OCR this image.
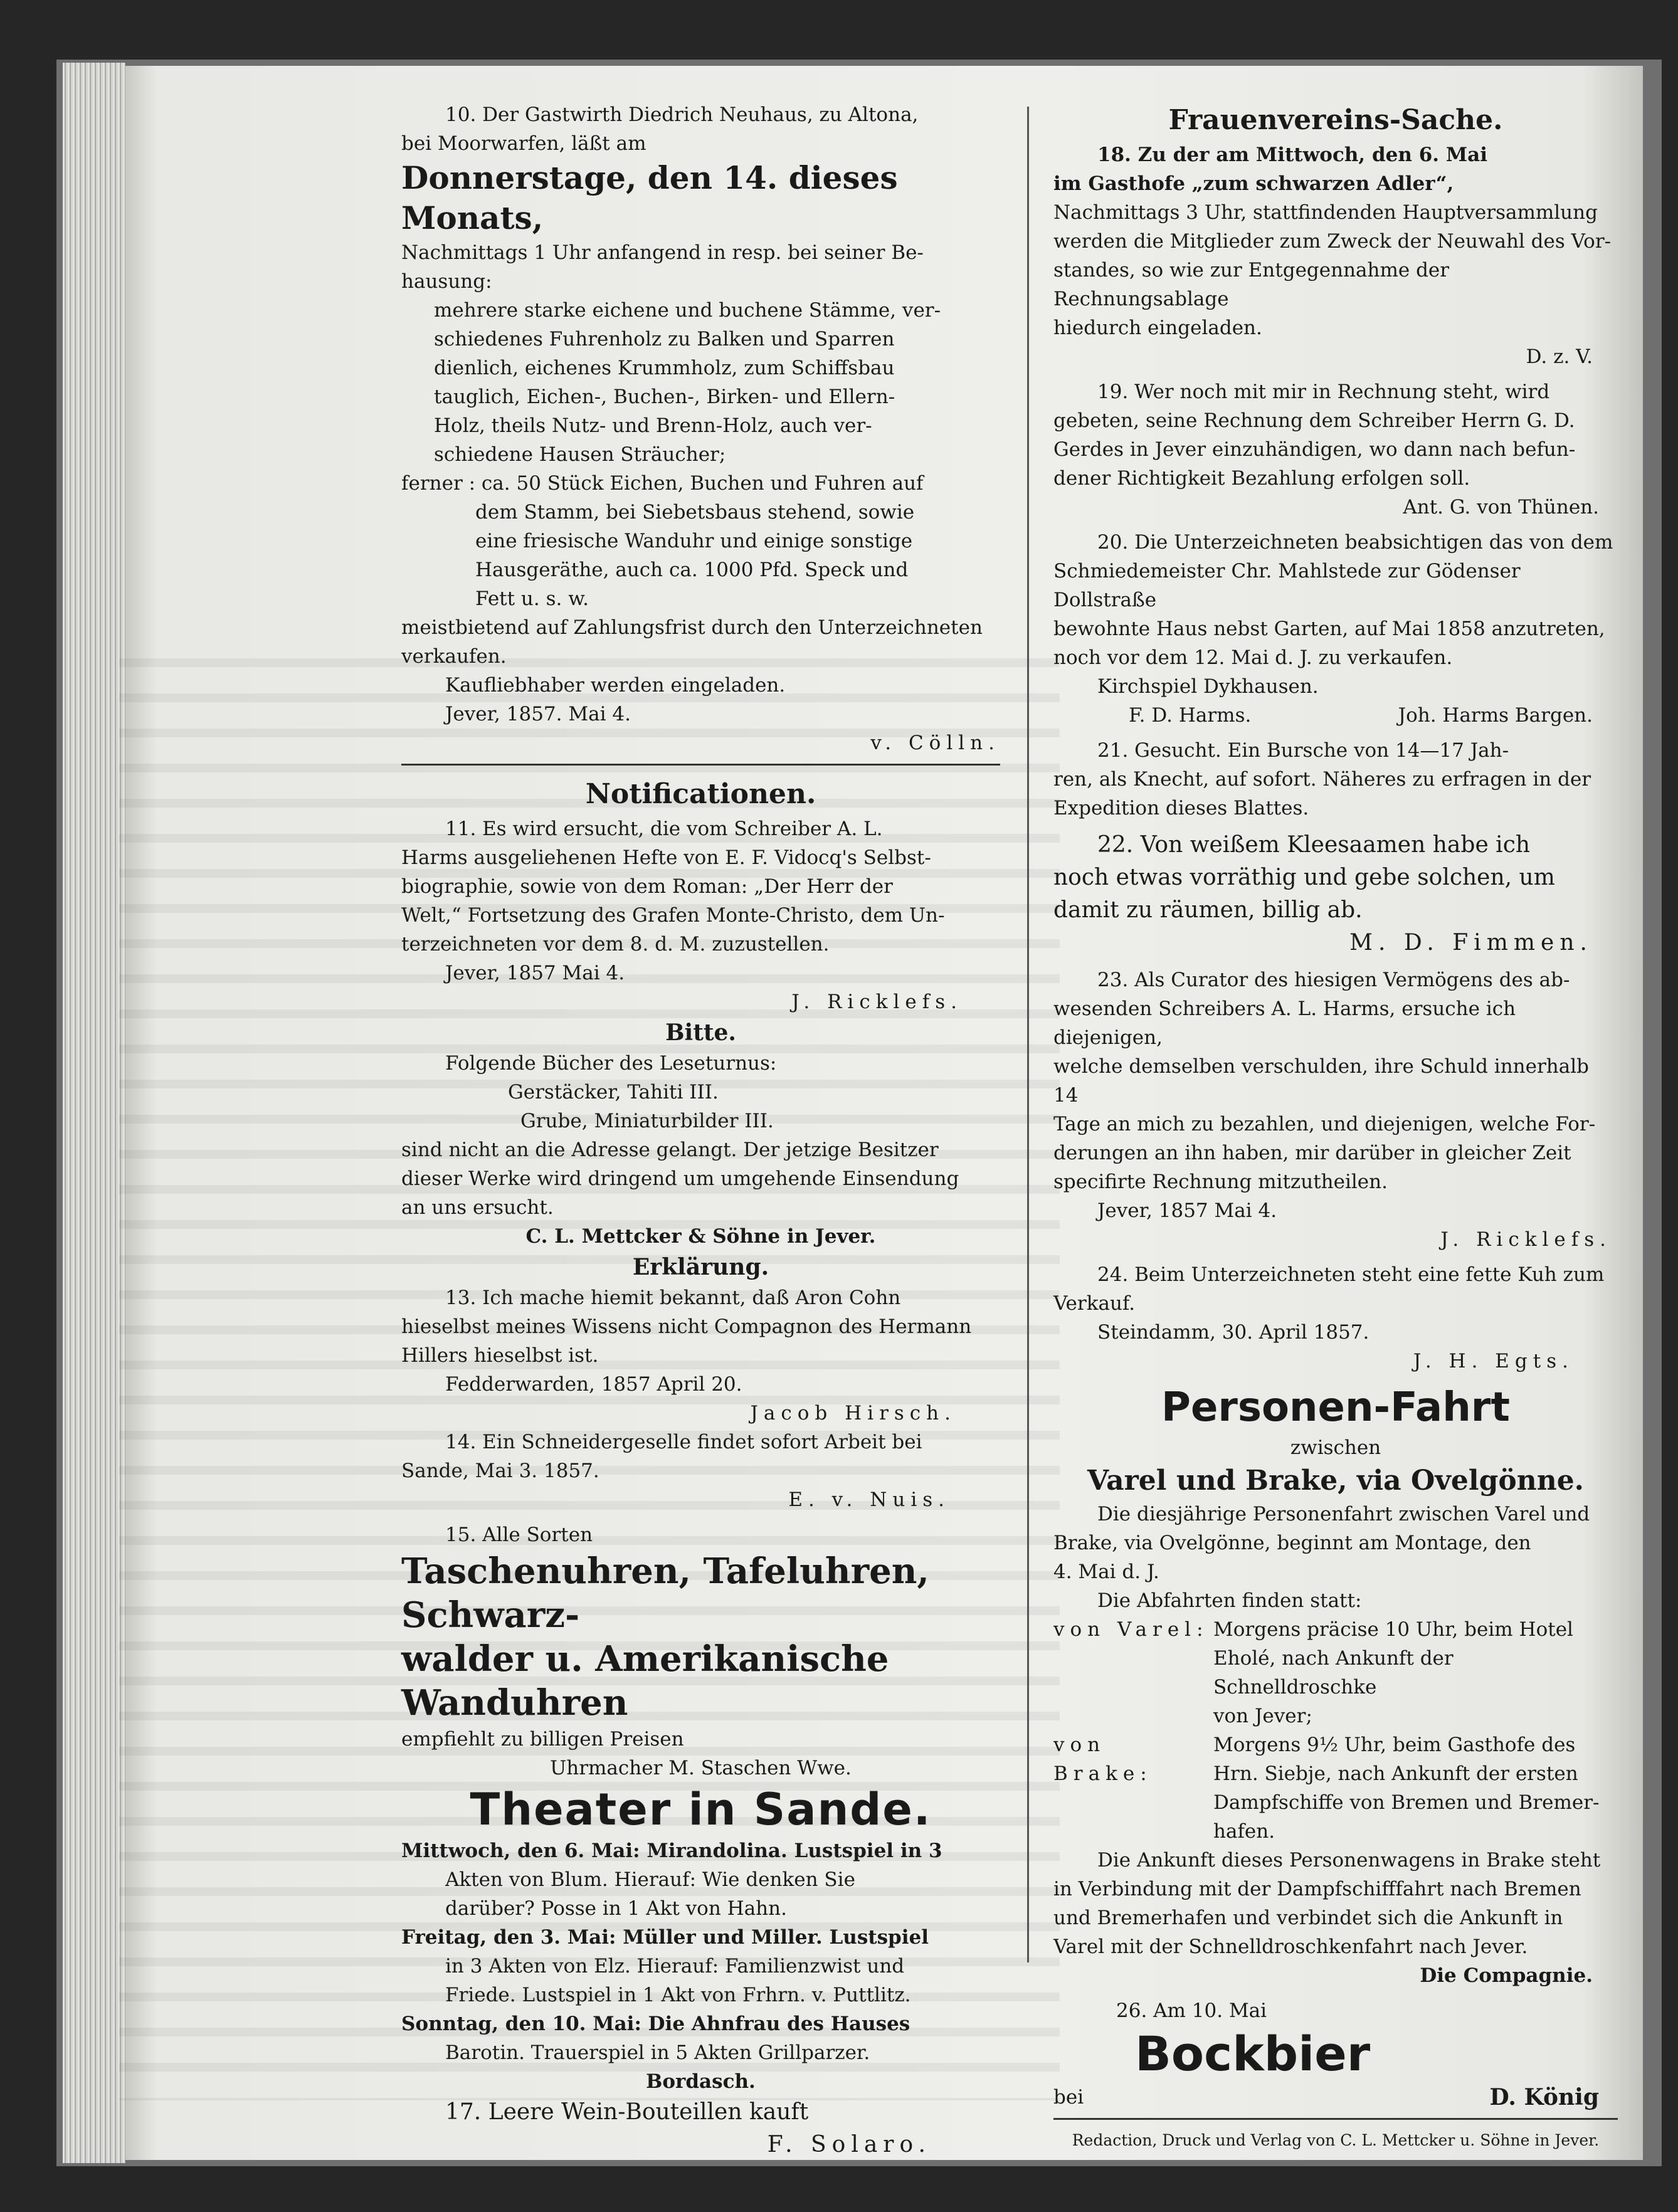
10. Der Gastwirth Diedrich Neuhaus, zu Altona,
bei Moorwarfen, läßt am
Donnerstage, den 14. dieses Monats,
Nachmittags 1 Uhr anfangend in resp. bei seiner Be-
hausung:
mehrere starke eichene und buchene Stämme, ver-
schiedenes Fuhrenholz zu Balken und Sparren
dienlich, eichenes Krummholz, zum Schiffsbau
tauglich, Eichen-, Buchen-, Birken- und Ellern-
Holz, theils Nutz- und Brenn-Holz, auch ver-
schiedene Hausen Sträucher;
ferner : ca. 50 Stück Eichen, Buchen und Fuhren auf
dem Stamm, bei Siebetsbaus stehend, sowie
eine friesische Wanduhr und einige sonstige
Hausgeräthe, auch ca. 1000 Pfd. Speck und
Fett u. s. w.
meistbietend auf Zahlungsfrist durch den Unterzeichneten
verkaufen.
Kaufliebhaber werden eingeladen.
Jever, 1857. Mai 4.
v. Cölln.
Notificationen.
11. Es wird ersucht, die vom Schreiber A. L.
Harms ausgeliehenen Hefte von E. F. Vidocq's Selbst-
biographie, sowie von dem Roman: „Der Herr der
Welt,“ Fortsetzung des Grafen Monte-Christo, dem Un-
terzeichneten vor dem 8. d. M. zuzustellen.
Jever, 1857 Mai 4.
J. Ricklefs.
Bitte.
Folgende Bücher des Leseturnus:
Gerstäcker, Tahiti III.
Grube, Miniaturbilder III.
sind nicht an die Adresse gelangt. Der jetzige Besitzer
dieser Werke wird dringend um umgehende Einsendung
an uns ersucht.
C. L. Mettcker & Söhne in Jever.
Erklärung.
13. Ich mache hiemit bekannt, daß Aron Cohn
hieselbst meines Wissens nicht Compagnon des Hermann
Hillers hieselbst ist.
Fedderwarden, 1857 April 20.
Jacob Hirsch.
14. Ein Schneidergeselle findet sofort Arbeit bei
Sande, Mai 3. 1857.
E. v. Nuis.
15. Alle Sorten
Taschenuhren, Tafeluhren, Schwarz-
walder u. Amerikanische Wanduhren
empfiehlt zu billigen Preisen
Uhrmacher M. Staschen Wwe.
Theater in Sande.
Mittwoch, den 6. Mai: Mirandolina. Lustspiel in 3
Akten von Blum. Hierauf: Wie denken Sie
darüber? Posse in 1 Akt von Hahn.
Freitag, den 3. Mai: Müller und Miller. Lustspiel
in 3 Akten von Elz. Hierauf: Familienzwist und
Friede. Lustspiel in 1 Akt von Frhrn. v. Puttlitz.
Sonntag, den 10. Mai: Die Ahnfrau des Hauses
Barotin. Trauerspiel in 5 Akten Grillparzer.
Bordasch.
17. Leere Wein-Bouteillen kauft
F. Solaro.
Frauenvereins-Sache.
18. Zu der am Mittwoch, den 6. Mai
im Gasthofe „zum schwarzen Adler“,
Nachmittags 3 Uhr, stattfindenden Hauptversammlung
werden die Mitglieder zum Zweck der Neuwahl des Vor-
standes, so wie zur Entgegennahme der Rechnungsablage
hiedurch eingeladen.
D. z. V.
19. Wer noch mit mir in Rechnung steht, wird
gebeten, seine Rechnung dem Schreiber Herrn G. D.
Gerdes in Jever einzuhändigen, wo dann nach befun-
dener Richtigkeit Bezahlung erfolgen soll.
Ant. G. von Thünen.
20. Die Unterzeichneten beabsichtigen das von dem
Schmiedemeister Chr. Mahlstede zur Gödenser Dollstraße
bewohnte Haus nebst Garten, auf Mai 1858 anzutreten,
noch vor dem 12. Mai d. J. zu verkaufen.
Kirchspiel Dykhausen.
F. D. Harms.	Joh. Harms Bargen.
21. Gesucht. Ein Bursche von 14—17 Jah-
ren, als Knecht, auf sofort. Näheres zu erfragen in der
Expedition dieses Blattes.
22. Von weißem Kleesaamen habe ich
noch etwas vorräthig und gebe solchen, um
damit zu räumen, billig ab.
M. D. Fimmen.
23. Als Curator des hiesigen Vermögens des ab-
wesenden Schreibers A. L. Harms, ersuche ich diejenigen,
welche demselben verschulden, ihre Schuld innerhalb 14
Tage an mich zu bezahlen, und diejenigen, welche For-
derungen an ihn haben, mir darüber in gleicher Zeit
specifirte Rechnung mitzutheilen.
Jever, 1857 Mai 4.
J. Ricklefs.
24. Beim Unterzeichneten steht eine fette Kuh zum
Verkauf.
Steindamm, 30. April 1857.
J. H. Egts.
Personen-Fahrt
zwischen
Varel und Brake, via Ovelgönne.
Die diesjährige Personenfahrt zwischen Varel und
Brake, via Ovelgönne, beginnt am Montage, den
4. Mai d. J.
Die Abfahrten finden statt:
von Varel: Morgens präcise 10 Uhr, beim Hotel
Eholé, nach Ankunft der Schnelldroschke
von Jever;
von Brake:
Morgens 9½ Uhr, beim Gasthofe des
Hrn. Siebje, nach Ankunft der ersten
Dampfschiffe von Bremen und Bremer-
hafen.
Die Ankunft dieses Personenwagens in Brake steht
in Verbindung mit der Dampfschifffahrt nach Bremen
und Bremerhafen und verbindet sich die Ankunft in
Varel mit der Schnelldroschkenfahrt nach Jever.
Die Compagnie.
26. Am 10. Mai
Bockbier
bei	D. König
Redaction, Druck und Verlag von C. L. Mettcker u. Söhne in Jever.
